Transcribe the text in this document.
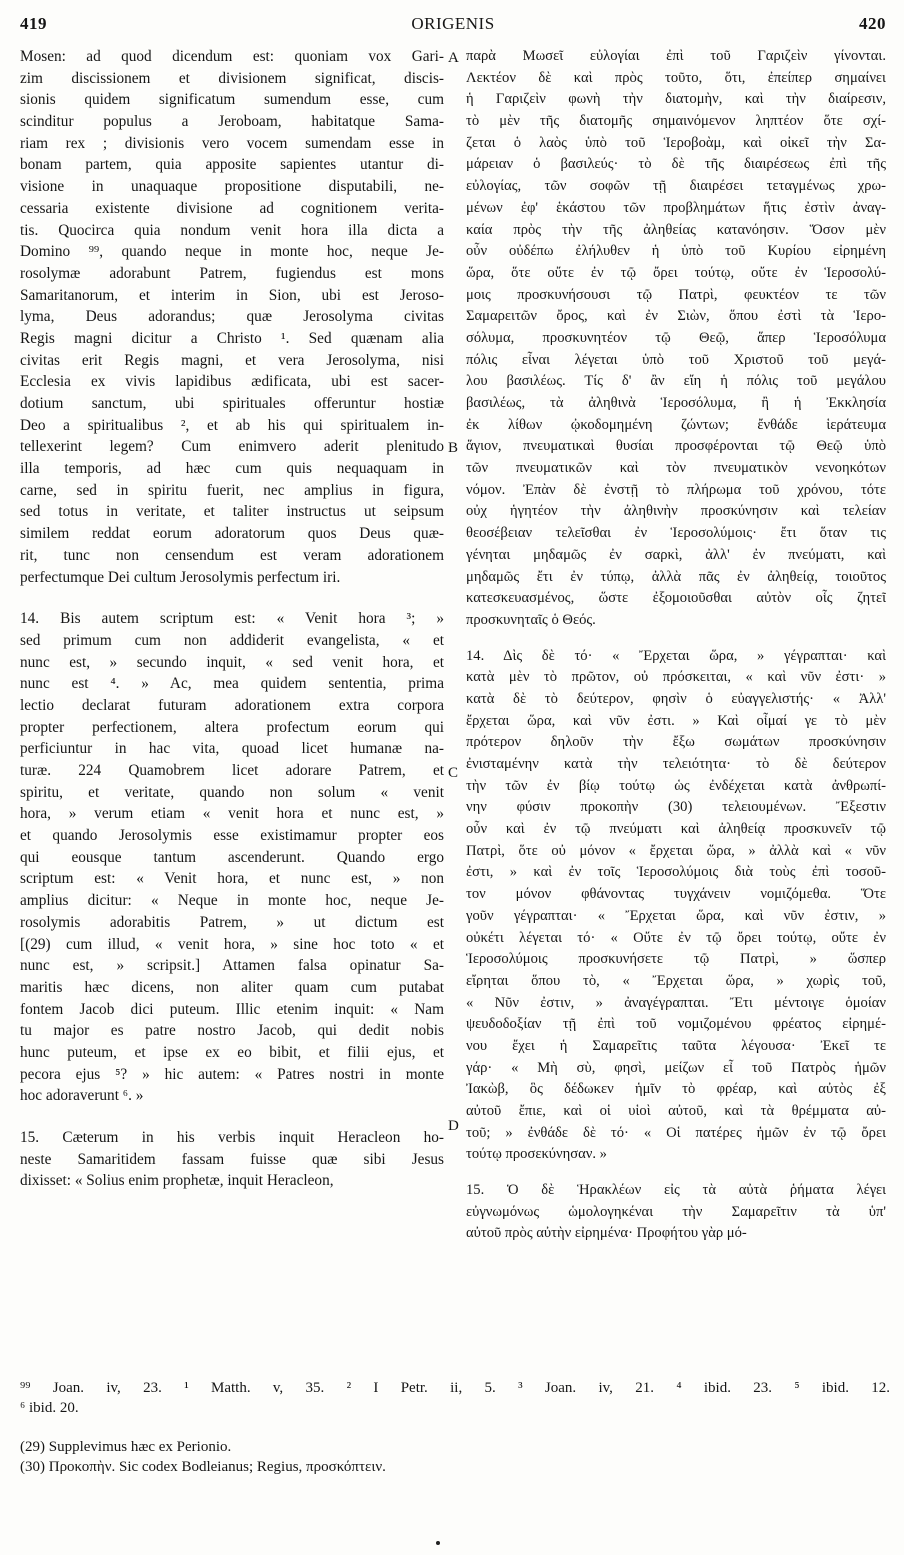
419	ORIGENIS	420
A
B
C
D
Mosen: ad quod dicendum est: quoniam vox Gari-
zim discissionem et divisionem significat, discis-
sionis quidem significatum sumendum esse, cum
scinditur populus a Jeroboam, habitatque Sama-
riam rex ; divisionis vero vocem sumendam esse in
bonam partem, quia apposite sapientes utantur di-
visione in unaquaque propositione disputabili, ne-
cessaria existente divisione ad cognitionem verita-
tis. Quocirca quia nondum venit hora illa dicta a
Domino ⁹⁹, quando neque in monte hoc, neque Je-
rosolymæ adorabunt Patrem, fugiendus est mons
Samaritanorum, et interim in Sion, ubi est Jeroso-
lyma, Deus adorandus; quæ Jerosolyma civitas
Regis magni dicitur a Christo ¹. Sed quænam alia
civitas erit Regis magni, et vera Jerosolyma, nisi
Ecclesia ex vivis lapidibus ædificata, ubi est sacer-
dotium sanctum, ubi spirituales offeruntur hostiæ
Deo a spiritualibus ², et ab his qui spiritualem in-
tellexerint legem? Cum enimvero aderit plenitudo
illa temporis, ad hæc cum quis nequaquam in
carne, sed in spiritu fuerit, nec amplius in figura,
sed totus in veritate, et taliter instructus ut seipsum
similem reddat eorum adoratorum quos Deus quæ-
rit, tunc non censendum est veram adorationem
perfectumque Dei cultum Jerosolymis perfectum iri.
14. Bis autem scriptum est: « Venit hora ³; »
sed primum cum non addiderit evangelista, « et
nunc est, » secundo inquit, « sed venit hora, et
nunc est ⁴. » Ac, mea quidem sententia, prima
lectio declarat futuram adorationem extra corpora
propter perfectionem, altera profectum eorum qui
perficiuntur in hac vita, quoad licet humanæ na-
turæ. 224 Quamobrem licet adorare Patrem, et
spiritu, et veritate, quando non solum « venit
hora, » verum etiam « venit hora et nunc est, »
et quando Jerosolymis esse existimamur propter eos
qui eousque tantum ascenderunt. Quando ergo
scriptum est: « Venit hora, et nunc est, » non
amplius dicitur: « Neque in monte hoc, neque Je-
rosolymis adorabitis Patrem, » ut dictum est
[(29) cum illud, « venit hora, » sine hoc toto « et
nunc est, » scripsit.] Attamen falsa opinatur Sa-
maritis hæc dicens, non aliter quam cum putabat
fontem Jacob dici puteum. Illic etenim inquit: « Nam
tu major es patre nostro Jacob, qui dedit nobis
hunc puteum, et ipse ex eo bibit, et filii ejus, et
pecora ejus ⁵? » hic autem: « Patres nostri in monte
hoc adoraverunt ⁶. »
15. Cæterum in his verbis inquit Heracleon ho-
neste Samaritidem fassam fuisse quæ sibi Jesus
dixisset: « Solius enim prophetæ, inquit Heracleon,
παρὰ Μωσεῖ εὐλογίαι ἐπὶ τοῦ Γαριζεὶν γίνονται.
Λεκτέον δὲ καὶ πρὸς τοῦτο, ὅτι, ἐπείπερ σημαίνει
ἡ Γαριζεὶν φωνὴ τὴν διατομὴν, καὶ τὴν διαίρεσιν,
τὸ μὲν τῆς διατομῆς σημαινόμενον ληπτέον ὅτε σχί-
ζεται ὁ λαὸς ὑπὸ τοῦ Ἱεροβοὰμ, καὶ οἰκεῖ τὴν Σα-
μάρειαν ὁ βασιλεύς· τὸ δὲ τῆς διαιρέσεως ἐπὶ τῆς
εὐλογίας, τῶν σοφῶν τῇ διαιρέσει τεταγμένως χρω-
μένων ἐφ' ἑκάστου τῶν προβλημάτων ἥτις ἐστὶν ἀναγ-
καία πρὸς τὴν τῆς ἀληθείας κατανόησιν. Ὅσον μὲν
οὖν οὐδέπω ἐλήλυθεν ἡ ὑπὸ τοῦ Κυρίου εἰρημένη
ὥρα, ὅτε οὔτε ἐν τῷ ὄρει τούτῳ, οὔτε ἐν Ἱεροσολύ-
μοις προσκυνήσουσι τῷ Πατρὶ, φευκτέον τε τῶν
Σαμαρειτῶν ὄρος, καὶ ἐν Σιὼν, ὅπου ἐστὶ τὰ Ἱερο-
σόλυμα, προσκυνητέον τῷ Θεῷ, ἅπερ Ἱεροσόλυμα
πόλις εἶναι λέγεται ὑπὸ τοῦ Χριστοῦ τοῦ μεγά-
λου βασιλέως. Τίς δ' ἂν εἴη ἡ πόλις τοῦ μεγάλου
βασιλέως, τὰ ἀληθινὰ Ἱεροσόλυμα, ἢ ἡ Ἐκκλησία
ἐκ λίθων ᾠκοδομημένη ζώντων; ἔνθάδε ἱεράτευμα
ἅγιον, πνευματικαὶ θυσίαι προσφέρονται τῷ Θεῷ ὑπὸ
τῶν πνευματικῶν καὶ τὸν πνευματικὸν νενοηκότων
νόμον. Ἐπὰν δὲ ἐνστῇ τὸ πλήρωμα τοῦ χρόνου, τότε
οὐχ ἡγητέον τὴν ἀληθινὴν προσκύνησιν καὶ τελείαν
θεοσέβειαν τελεῖσθαι ἐν Ἱεροσολύμοις· ἔτι ὅταν τις
γένηται μηδαμῶς ἐν σαρκὶ, ἀλλ' ἐν πνεύματι, καὶ
μηδαμῶς ἔτι ἐν τύπῳ, ἀλλὰ πᾶς ἐν ἀληθείᾳ, τοιοῦτος
κατεσκευασμένος, ὥστε ἐξομοιοῦσθαι αὐτὸν οἷς ζητεῖ
προσκυνηταῖς ὁ Θεός.
14. Δὶς δὲ τό· « Ἔρχεται ὥρα, » γέγραπται· καὶ
κατὰ μὲν τὸ πρῶτον, οὐ πρόσκειται, « καὶ νῦν ἐστι· »
κατὰ δὲ τὸ δεύτερον, φησὶν ὁ εὐαγγελιστής· « Ἀλλ'
ἔρχεται ὥρα, καὶ νῦν ἐστι. » Καὶ οἶμαί γε τὸ μὲν
πρότερον δηλοῦν τὴν ἔξω σωμάτων προσκύνησιν
ἐνισταμένην κατὰ τὴν τελειότητα· τὸ δὲ δεύτερον
τὴν τῶν ἐν βίῳ τούτῳ ὡς ἐνδέχεται κατὰ ἀνθρωπί-
νην φύσιν προκοπὴν (30) τελειουμένων. Ἔξεστιν
οὖν καὶ ἐν τῷ πνεύματι καὶ ἀληθείᾳ προσκυνεῖν τῷ
Πατρὶ, ὅτε οὐ μόνον « ἔρχεται ὥρα, » ἀλλὰ καὶ « νῦν
ἐστι, » καὶ ἐν τοῖς Ἱεροσολύμοις διὰ τοὺς ἐπὶ τοσοῦ-
τον μόνον φθάνοντας τυγχάνειν νομιζόμεθα. Ὅτε
γοῦν γέγραπται· « Ἔρχεται ὥρα, καὶ νῦν ἐστιν, »
οὐκέτι λέγεται τό· « Οὔτε ἐν τῷ ὄρει τούτῳ, οὔτε ἐν
Ἱεροσολύμοις προσκυνήσετε τῷ Πατρὶ, » ὥσπερ
εἴρηται ὅπου τὸ, « Ἔρχεται ὥρα, » χωρὶς τοῦ,
« Νῦν ἐστιν, » ἀναγέγραπται. Ἔτι μέντοιγε ὁμοίαν
ψευδοδοξίαν τῇ ἐπὶ τοῦ νομιζομένου φρέατος εἰρημέ-
νου ἔχει ἡ Σαμαρεῖτις ταῦτα λέγουσα· Ἐκεῖ τε
γάρ· « Μὴ σὺ, φησὶ, μείζων εἶ τοῦ Πατρὸς ἡμῶν
Ἰακὼβ, ὃς δέδωκεν ἡμῖν τὸ φρέαρ, καὶ αὐτὸς ἐξ
αὐτοῦ ἔπιε, καὶ οἱ υἱοὶ αὐτοῦ, καὶ τὰ θρέμματα αὐ-
τοῦ; » ἐνθάδε δὲ τό· « Οἱ πατέρες ἡμῶν ἐν τῷ ὄρει
τούτῳ προσεκύνησαν. »
15. Ὁ δὲ Ἡρακλέων εἰς τὰ αὐτὰ ῥήματα λέγει
εὐγνωμόνως ὡμολογηκέναι τὴν Σαμαρεῖτιν τὰ ὑπ'
αὐτοῦ πρὸς αὐτὴν εἰρημένα· Προφήτου γὰρ μό-
⁹⁹ Joan. iv, 23. ¹ Matth. v, 35. ² I Petr. ii, 5. ³ Joan. iv, 21. ⁴ ibid. 23. ⁵ ibid. 12.
⁶ ibid. 20.
(29) Supplevimus hæc ex Perionio.
(30) Προκοπὴν. Sic codex Bodleianus; Regius, προσκόπτειν.
